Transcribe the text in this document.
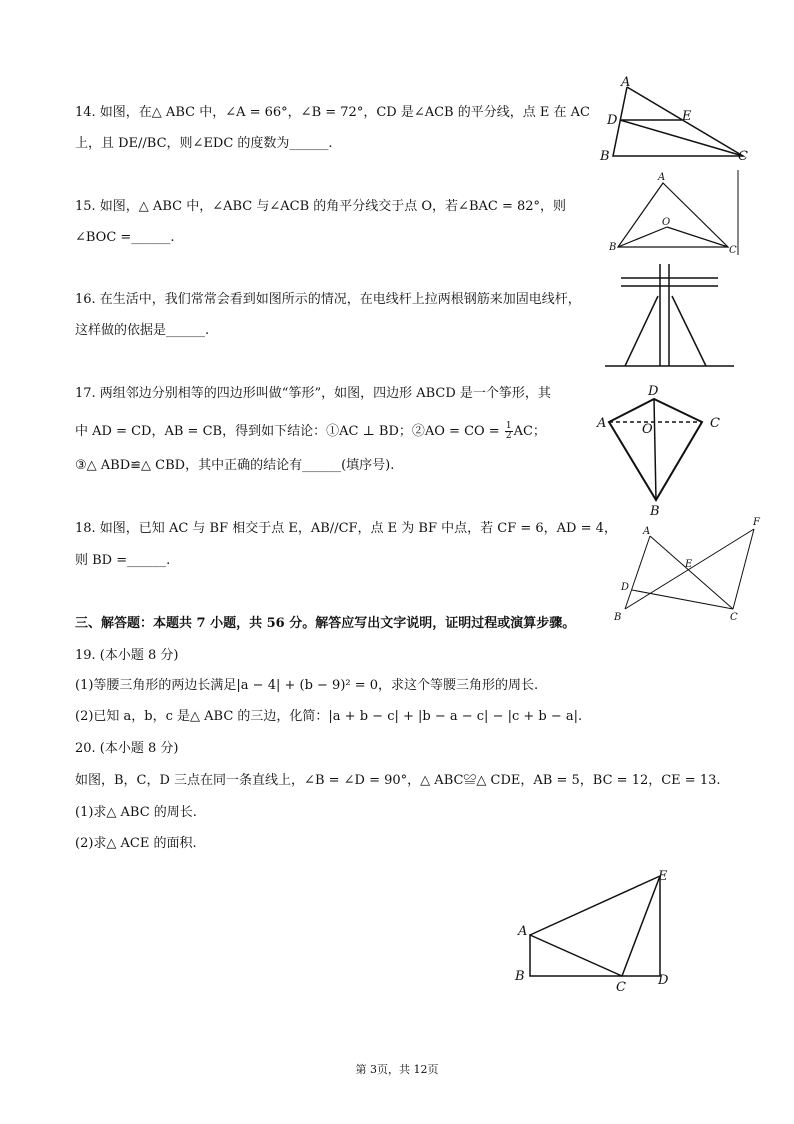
14. 如图，在△ ABC 中，∠A = 66°，∠B = 72°，CD 是∠ACB 的平分线，点 E 在 AC
上，且 DE//BC，则∠EDC 的度数为______.
A
D	E
B	C
15. 如图，△ ABC 中，∠ABC 与∠ACB 的角平分线交于点 O，若∠BAC = 82°，则
∠BOC =______.
A
O
B	C
16. 在生活中，我们常常会看到如图所示的情况，在电线杆上拉两根钢筋来加固电线杆，
这样做的依据是______.
17. 两组邻边分别相等的四边形叫做“筝形”，如图，四边形 ABCD 是一个筝形，其
中 AD = CD，AB = CB，得到如下结论：①AC ⊥ BD；②AO = CO = $\frac{1}{2}$ AC；
③△ ABD≌△ CBD，其中正确的结论有______(填序号).
D
A	O	C
B
18. 如图，已知 AC 与 BF 相交于点 E，AB//CF，点 E 为 BF 中点，若 CF = 6，AD = 4，
则 BD =______.
A
F
E
D
B	C
三、解答题：本题共 7 小题，共 56 分。解答应写出文字说明，证明过程或演算步骤。
19. (本小题 8 分)
(1)等腰三角形的两边长满足|a − 4| + (b − 9)² = 0，求这个等腰三角形的周长.
(2)已知 a，b，c 是△ ABC 的三边，化简：|a + b − c| + |b − a − c| − |c + b − a|.
20. (本小题 8 分)
如图，B，C，D 三点在同一条直线上，∠B = ∠D = 90°，△ ABC≌△ CDE，AB = 5，BC = 12，CE = 13.
(1)求△ ABC 的周长.
(2)求△ ACE 的面积.
A
B
C D
E
第 3页，共 12页
